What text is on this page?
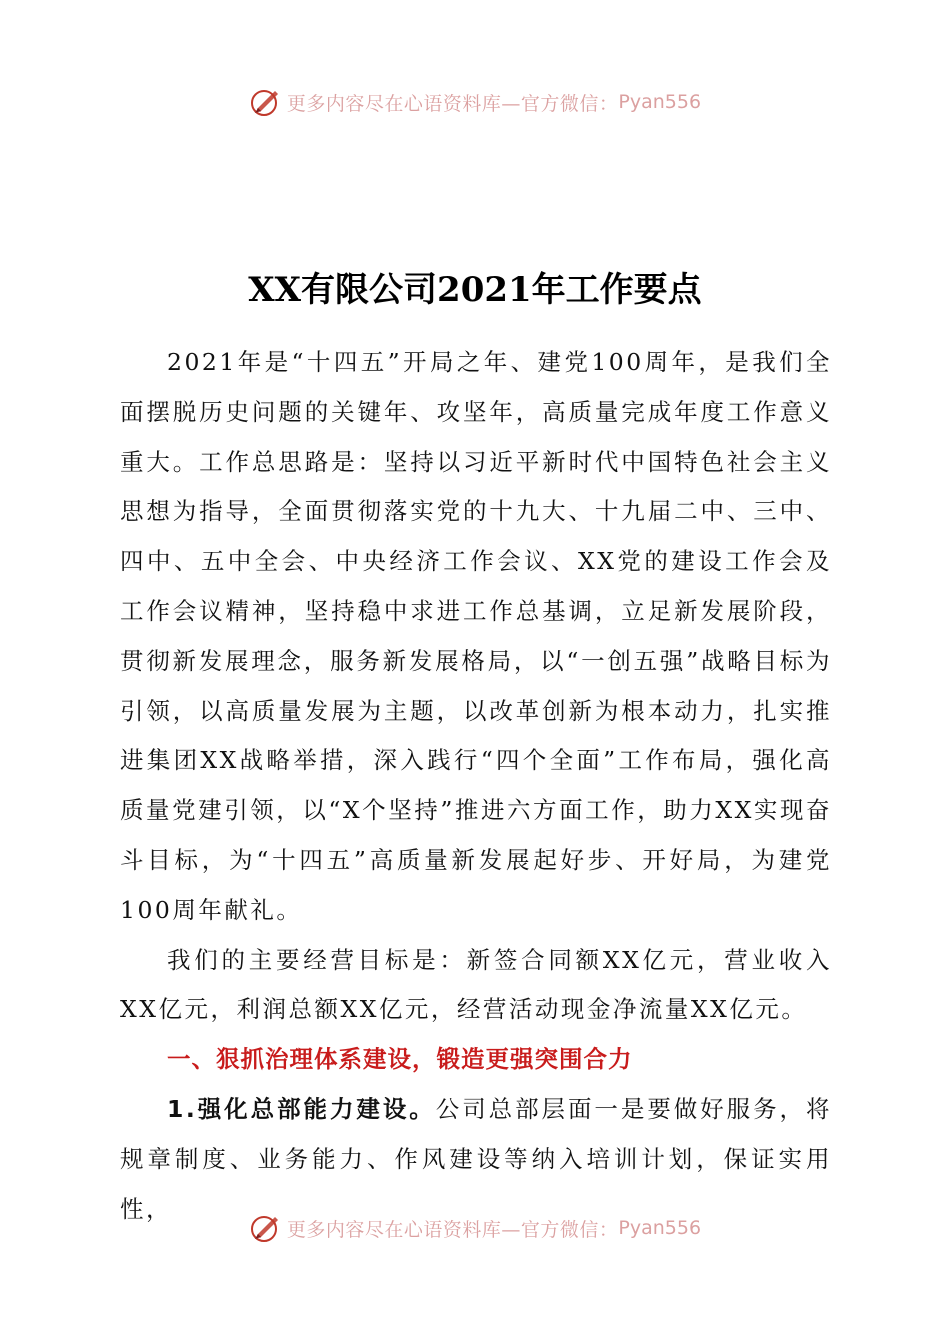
更多内容尽在心语资料库—官方微信： Pyan556
XX有限公司2021年工作要点

2021年是“十四五”开局之年、建党100周年，是我们全面摆脱历史问题的关键年、攻坚年，高质量完成年度工作意义重大。工作总思路是：坚持以习近平新时代中国特色社会主义思想为指导，全面贯彻落实党的十九大、十九届二中、三中、四中、五中全会、中央经济工作会议、XX党的建设工作会及工作会议精神，坚持稳中求进工作总基调，立足新发展阶段，贯彻新发展理念，服务新发展格局，以“一创五强”战略目标为引领，以高质量发展为主题，以改革创新为根本动力，扎实推进集团XX战略举措，深入践行“四个全面”工作布局，强化高质量党建引领，以“X个坚持”推进六方面工作，助力XX实现奋斗目标，为“十四五”高质量新发展起好步、开好局，为建党100周年献礼。

我们的主要经营目标是：新签合同额XX亿元，营业收入XX亿元，利润总额XX亿元，经营活动现金净流量XX亿元。

一、狠抓治理体系建设，锻造更强突围合力

1.强化总部能力建设。公司总部层面一是要做好服务，将规章制度、业务能力、作风建设等纳入培训计划，保证实用性，

更多内容尽在心语资料库—官方微信： Pyan556
